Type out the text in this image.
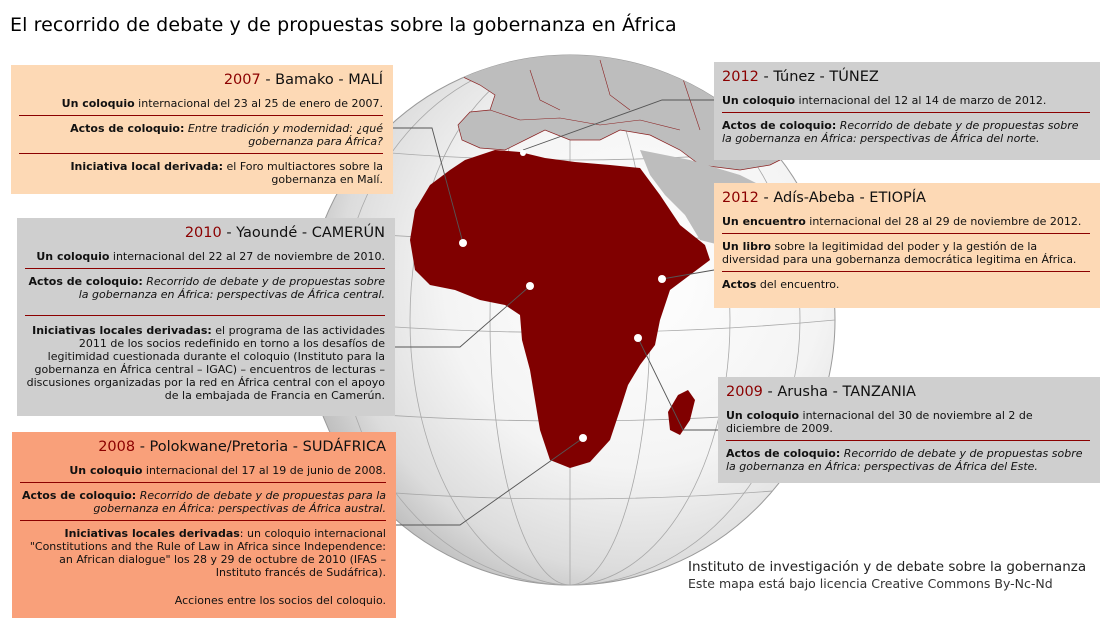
El recorrido de debate y de propuestas sobre la gobernanza en África
2007 - Bamako - MALÍ
Un coloquio internacional del 23 al 25 de enero de 2007.
Actos de coloquio: Entre tradición y modernidad: ¿qué gobernanza para África?
Iniciativa local derivada: el Foro multiactores sobre la gobernanza en Malí.
2010 - Yaoundé - CAMERÚN
Un coloquio internacional del 22 al 27 de noviembre de 2010.
Actos de coloquio: Recorrido de debate y de propuestas sobre la gobernanza en África: perspectivas de África central.
Iniciativas locales derivadas: el programa de las actividades 2011 de los socios redefinido en torno a los desafíos de legitimidad cuestionada durante el coloquio (Instituto para la gobernanza en África central – IGAC) – encuentros de lecturas – discusiones organizadas por la red en África central con el apoyo de la embajada de Francia en Camerún.
2008 - Polokwane/Pretoria - SUDÁFRICA
Un coloquio internacional del 17 al 19 de junio de 2008.
Actos de coloquio: Recorrido de debate y de propuestas para la gobernanza en África: perspectivas de África austral.
Iniciativas locales derivadas: un coloquio internacional "Constitutions and the Rule of Law in Africa since Independence: an African dialogue" los 28 y 29 de octubre de 2010 (IFAS – Instituto francés de Sudáfrica).
Acciones entre los socios del coloquio.
2012 - Túnez - TÚNEZ
Un coloquio internacional del 12 al 14 de marzo de 2012.
Actos de coloquio: Recorrido de debate y de propuestas sobre la gobernanza en África: perspectivas de África del norte.
2012 - Adís-Abeba - ETIOPÍA
Un encuentro internacional del 28 al 29 de noviembre de 2012.
Un libro sobre la legitimidad del poder y la gestión de la diversidad para una gobernanza democrática legitima en África.
Actos del encuentro.
2009 - Arusha - TANZANIA
Un coloquio internacional del 30 de noviembre al 2 de diciembre de 2009.
Actos de coloquio: Recorrido de debate y de propuestas sobre la gobernanza en África: perspectivas de África del Este.
Instituto de investigación y de debate sobre la gobernanza
Este mapa está bajo licencia Creative Commons By-Nc-Nd
